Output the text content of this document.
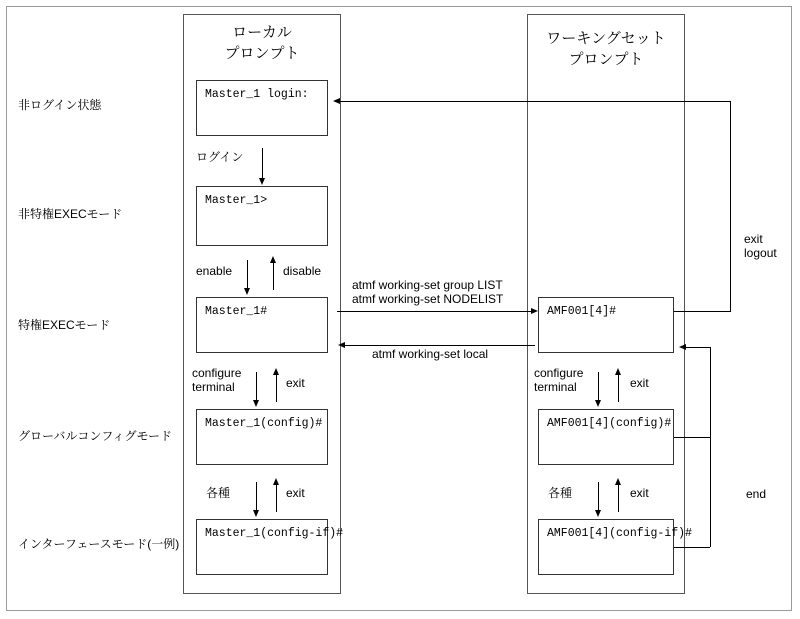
ローカル
プロンプト
ワーキングセット
プロンプト
非ログイン状態
非特権EXECモード
特権EXECモード
グローバルコンフィグモード
インターフェースモード(一例)
Master_1 login:
Master_1>
Master_1#
Master_1(config)#
Master_1(config-if)#
AMF001[4]#
AMF001[4](config)#
AMF001[4](config-if)#
ログイン
enable	disable
configure
terminal	exit
各種	exit
configure
terminal	exit
各種	exit
atmf working-set group LIST
atmf working-set NODELIST
atmf working-set local
exit
logout
end
